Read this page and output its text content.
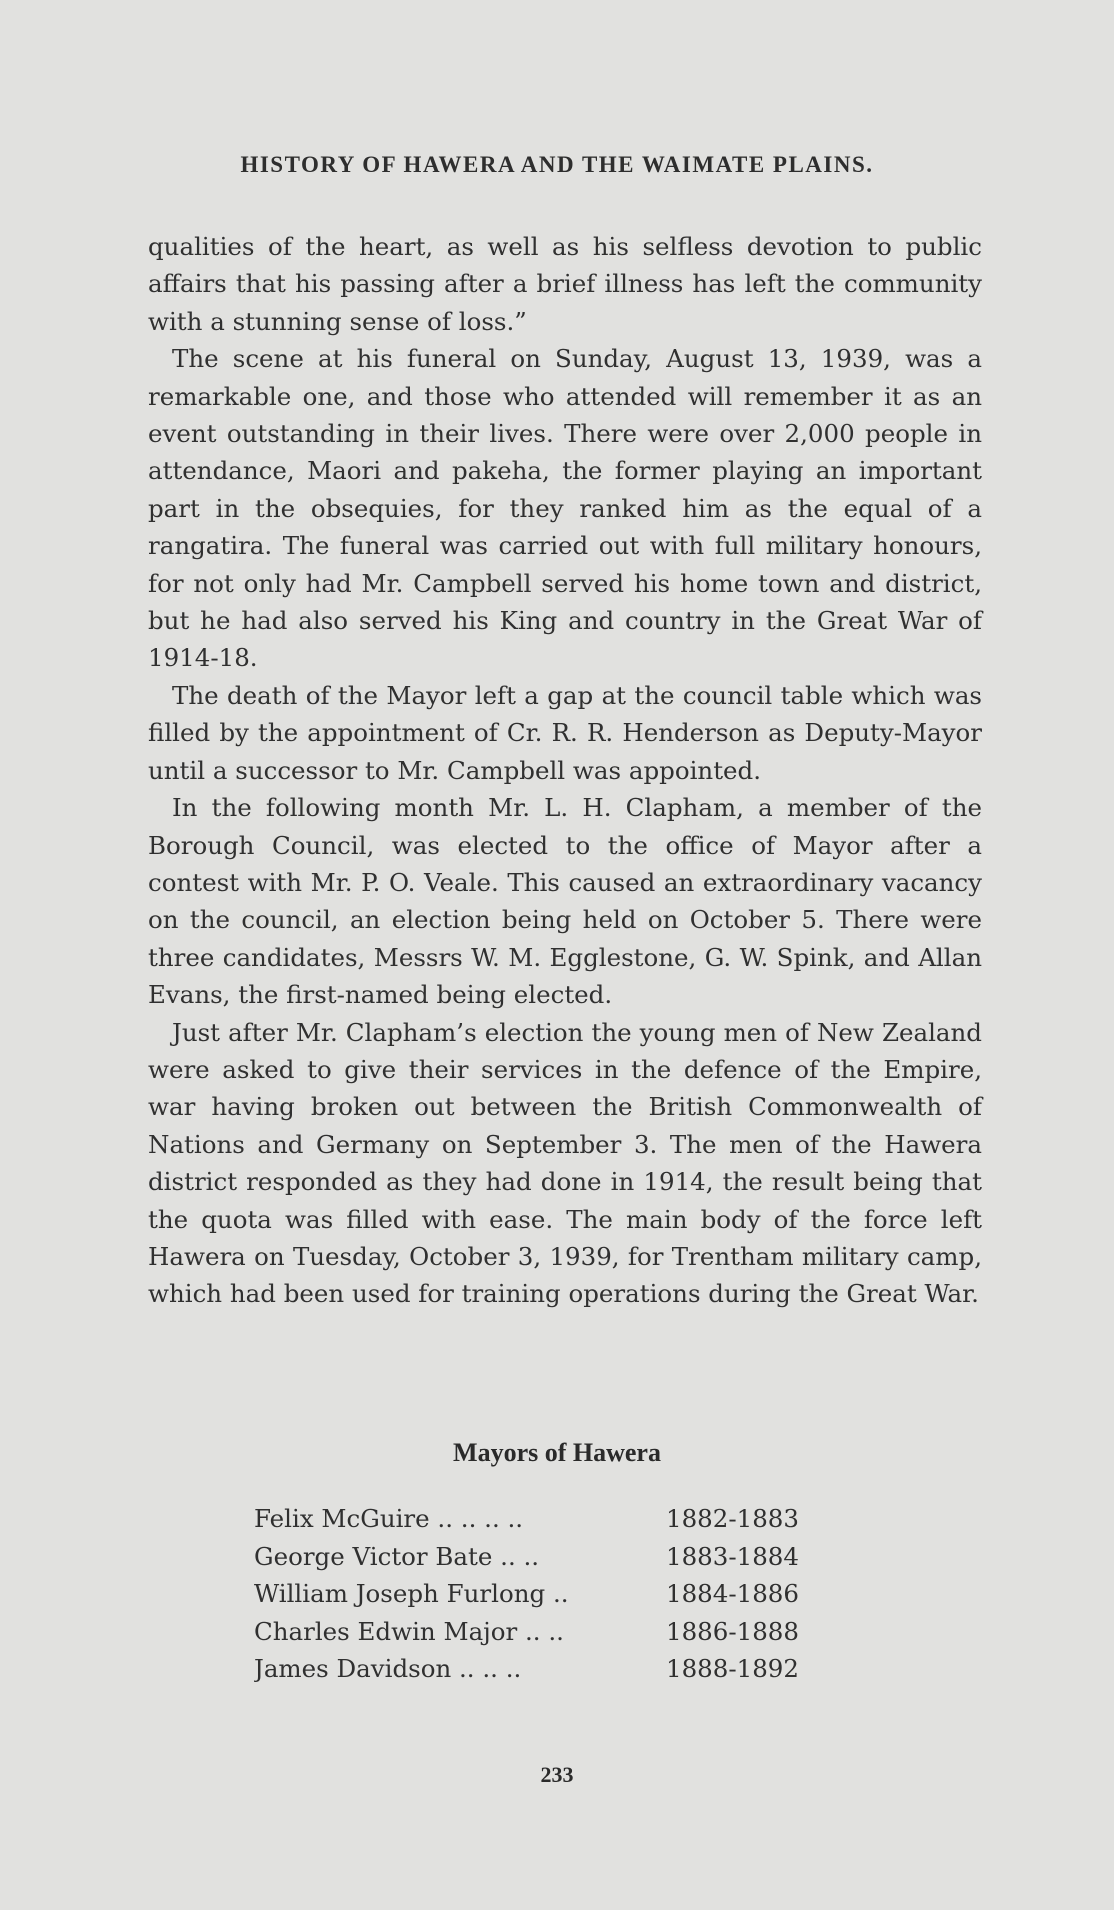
HISTORY OF HAWERA AND THE WAIMATE PLAINS.

qualities of the heart, as well as his selfless devotion to public affairs that his passing after a brief illness has left the community with a stunning sense of loss.”

The scene at his funeral on Sunday, August 13, 1939, was a remarkable one, and those who attended will remember it as an event outstanding in their lives. There were over 2,000 people in attendance, Maori and pakeha, the former playing an important part in the obsequies, for they ranked him as the equal of a rangatira. The funeral was carried out with full military honours, for not only had Mr. Campbell served his home town and district, but he had also served his King and country in the Great War of 1914-18.

The death of the Mayor left a gap at the council table which was filled by the appointment of Cr. R. R. Henderson as Deputy-Mayor until a successor to Mr. Campbell was appointed.

In the following month Mr. L. H. Clapham, a member of the Borough Council, was elected to the office of Mayor after a contest with Mr. P. O. Veale. This caused an extraordinary vacancy on the council, an election being held on October 5. There were three candidates, Messrs W. M. Egglestone, G. W. Spink, and Allan Evans, the first-named being elected.

Just after Mr. Clapham’s election the young men of New Zealand were asked to give their services in the defence of the Empire, war having broken out between the British Commonwealth of Nations and Germany on September 3. The men of the Hawera district responded as they had done in 1914, the result being that the quota was filled with ease. The main body of the force left Hawera on Tuesday, October 3, 1939, for Trentham military camp, which had been used for training operations during the Great War.

Mayors of Hawera
Felix McGuire .. .. .. ..	1882-1883
George Victor Bate .. ..	1883-1884
William Joseph Furlong ..	1884-1886
Charles Edwin Major .. ..	1886-1888
James Davidson .. .. ..	1888-1892
233
